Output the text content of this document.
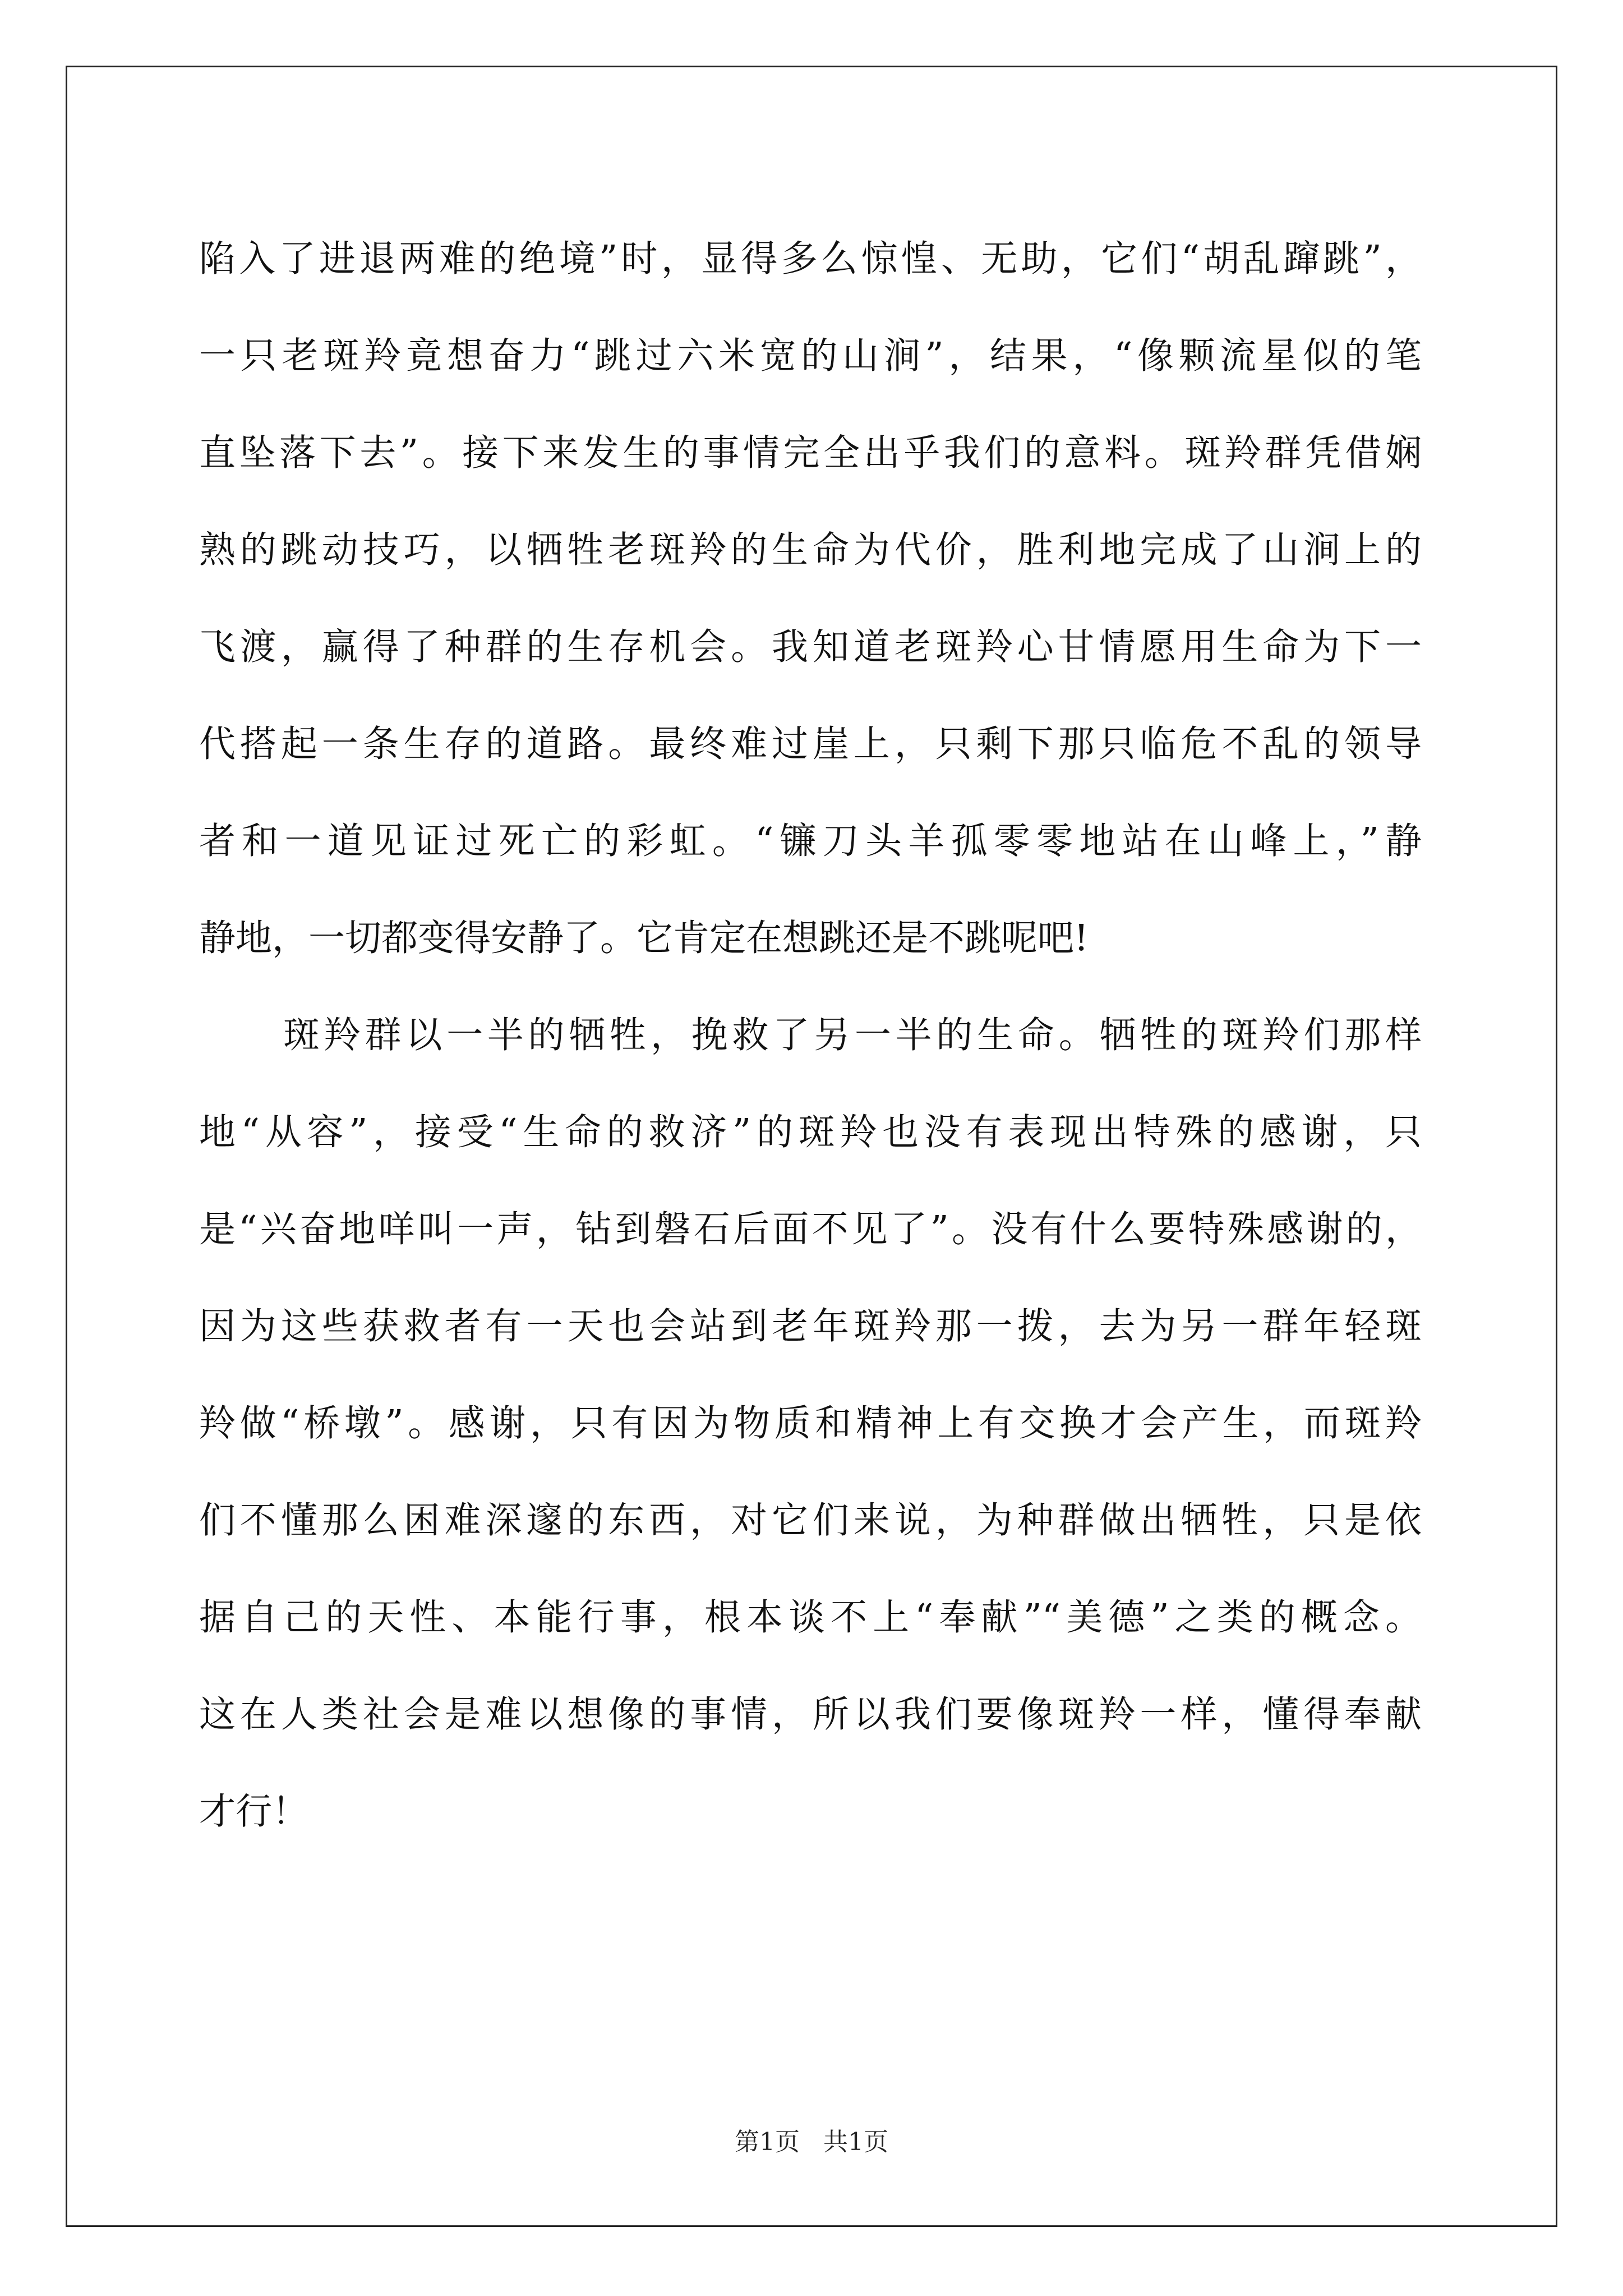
陷入了进退两难的绝境”时，显得多么惊惶、无助，它们“胡乱蹿跳”，
一只老斑羚竟想奋力“跳过六米宽的山涧”，结果，“像颗流星似的笔
直坠落下去”。接下来发生的事情完全出乎我们的意料。斑羚群凭借娴
熟的跳动技巧，以牺牲老斑羚的生命为代价，胜利地完成了山涧上的
飞渡，赢得了种群的生存机会。我知道老斑羚心甘情愿用生命为下一
代搭起一条生存的道路。最终难过崖上，只剩下那只临危不乱的领导
者和一道见证过死亡的彩虹。“镰刀头羊孤零零地站在山峰上，”静
静地，一切都变得安静了。它肯定在想跳还是不跳呢吧!
斑羚群以一半的牺牲，挽救了另一半的生命。牺牲的斑羚们那样
地“从容”，接受“生命的救济”的斑羚也没有表现出特殊的感谢，只
是“兴奋地咩叫一声，钻到磐石后面不见了”。没有什么要特殊感谢的，
因为这些获救者有一天也会站到老年斑羚那一拨，去为另一群年轻斑
羚做“桥墩”。感谢，只有因为物质和精神上有交换才会产生，而斑羚
们不懂那么困难深邃的东西，对它们来说，为种群做出牺牲，只是依
据自己的天性、本能行事，根本谈不上“奉献”“美德”之类的概念。
这在人类社会是难以想像的事情，所以我们要像斑羚一样，懂得奉献
才行！
第1页   共1页
